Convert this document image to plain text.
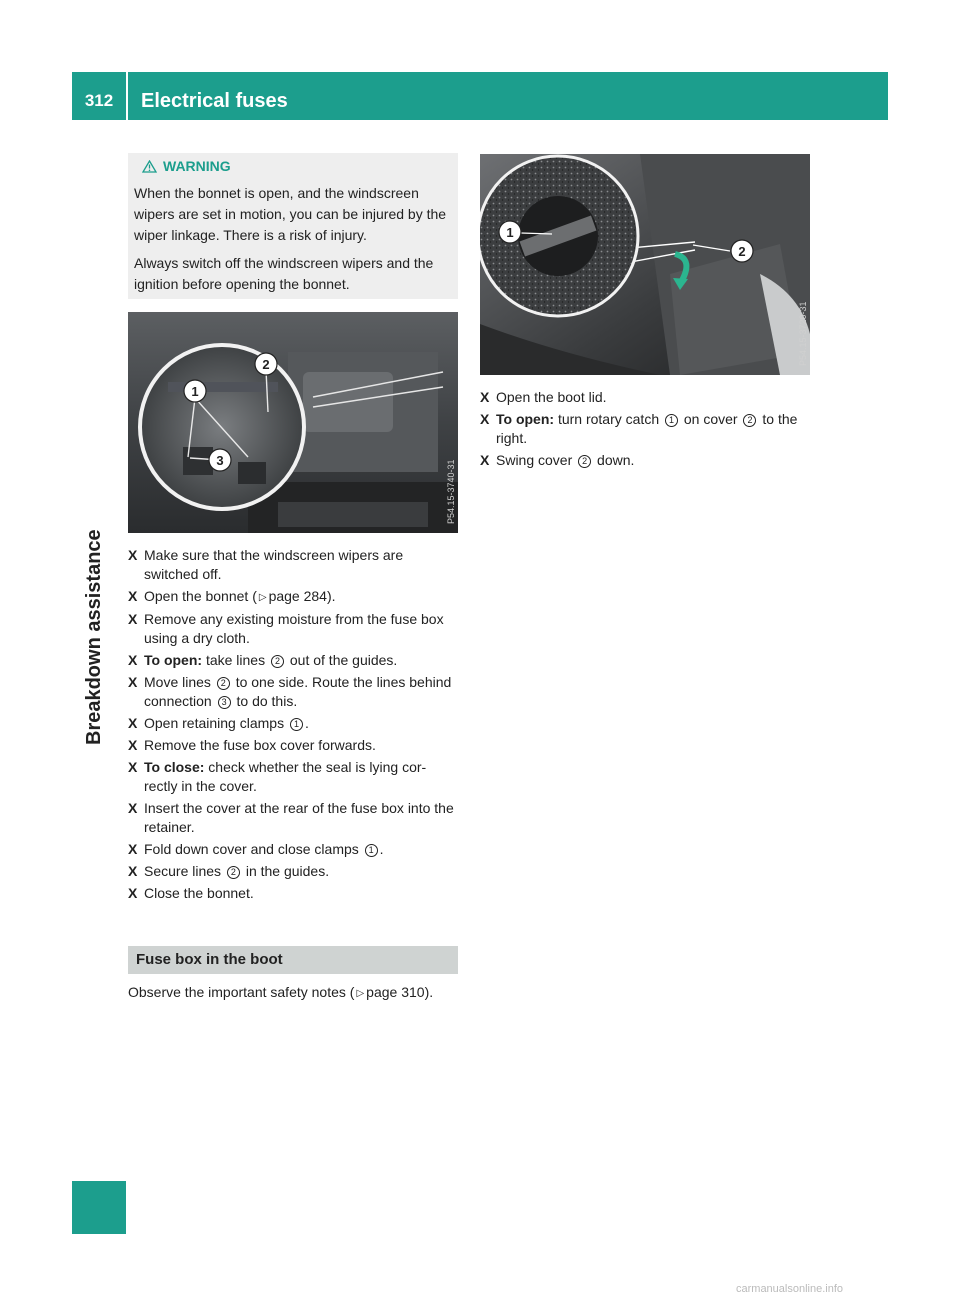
312	Electrical fuses
Breakdown assistance
WARNING
When the bonnet is open, and the windscreen wipers are set in motion, you can be injured by the wiper linkage. There is a risk of injury.
Always switch off the windscreen wipers and the ignition before opening the bonnet.
1
2
3	P54.15-3740-31
X Make sure that the windscreen wipers are switched off.
X Open the bonnet ( ▷ page 284).
X Remove any existing moisture from the fuse box using a dry cloth.
X To open: take lines 2 out of the guides.
X Move lines 2 to one side. Route the lines behind connection 3 to do this.
X Open retaining clamps 1 .
X Remove the fuse box cover forwards.
X To close: check whether the seal is lying cor- rectly in the cover.
X Insert the cover at the rear of the fuse box into the retainer.
X Fold down cover and close clamps 1 .
X Secure lines 2 in the guides.
X Close the bonnet.
Fuse box in the boot
Observe the important safety notes ( ▷ page 310).
1
2
P54.15-3720-31
X Open the boot lid.
X To open: turn rotary catch 1 on cover 2 to the right.
X Swing cover 2 down.
carmanualsonline.info
